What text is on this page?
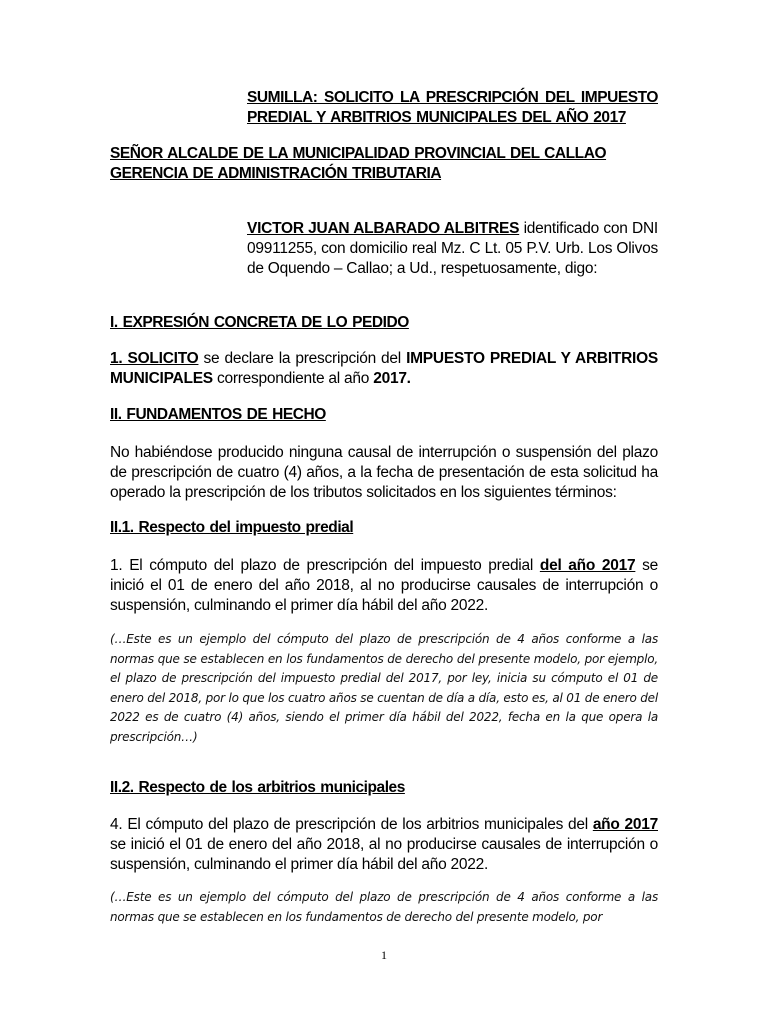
SUMILLA: SOLICITO LA PRESCRIPCIÓN DEL IMPUESTO
PREDIAL Y ARBITRIOS MUNICIPALES DEL AÑO 2017
SEÑOR ALCALDE DE LA MUNICIPALIDAD PROVINCIAL DEL CALLAO
GERENCIA DE ADMINISTRACIÓN TRIBUTARIA
VICTOR JUAN ALBARADO ALBITRES identificado con DNI 09911255, con domicilio real Mz. C Lt. 05 P.V. Urb. Los Olivos de Oquendo – Callao; a Ud., respetuosamente, digo:
I. EXPRESIÓN CONCRETA DE LO PEDIDO
1. SOLICITO se declare la prescripción del IMPUESTO PREDIAL Y ARBITRIOS MUNICIPALES correspondiente al año 2017.
II. FUNDAMENTOS DE HECHO
No habiéndose producido ninguna causal de interrupción o suspensión del plazo de prescripción de cuatro (4) años, a la fecha de presentación de esta solicitud ha operado la prescripción de los tributos solicitados en los siguientes términos:
II.1. Respecto del impuesto predial
1. El cómputo del plazo de prescripción del impuesto predial del año 2017 se inició el 01 de enero del año 2018, al no producirse causales de interrupción o suspensión, culminando el primer día hábil del año 2022.
(…Este es un ejemplo del cómputo del plazo de prescripción de 4 años conforme a las normas que se establecen en los fundamentos de derecho del presente modelo, por ejemplo, el plazo de prescripción del impuesto predial del 2017, por ley, inicia su cómputo el 01 de enero del 2018, por lo que los cuatro años se cuentan de día a día, esto es, al 01 de enero del 2022 es de cuatro (4) años, siendo el primer día hábil del 2022, fecha en la que opera la prescripción…)
II.2. Respecto de los arbitrios municipales
4. El cómputo del plazo de prescripción de los arbitrios municipales del año 2017 se inició el 01 de enero del año 2018, al no producirse causales de interrupción o suspensión, culminando el primer día hábil del año 2022.
(…Este es un ejemplo del cómputo del plazo de prescripción de 4 años conforme a las normas que se establecen en los fundamentos de derecho del presente modelo, por
1
